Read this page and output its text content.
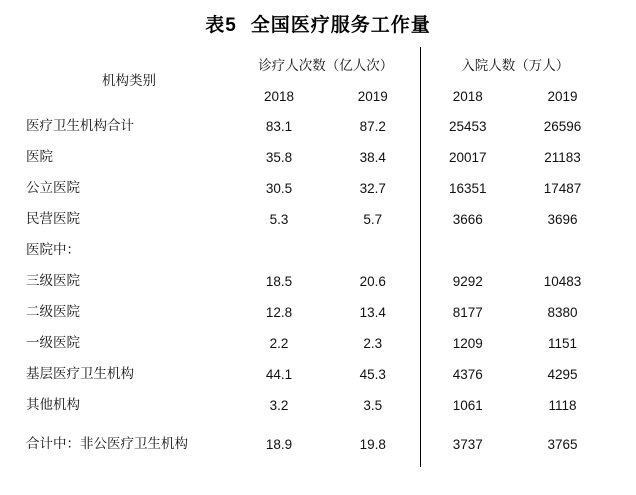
表5 全国医疗服务工作量
机构类别	诊疗人次数（亿人次）		入院人数（万人）	
	2018	2019	2018	2019
医疗卫生机构合计	83.1	87.2	25453	26596
医院	35.8	38.4	20017	21183
公立医院	30.5	32.7	16351	17487
民营医院	5.3	5.7	3666	3696
医院中：				
三级医院	18.5	20.6	9292	10483
二级医院	12.8	13.4	8177	8380
一级医院	2.2	2.3	1209	1151
基层医疗卫生机构	44.1	45.3	4376	4295
其他机构	3.2	3.5	1061	1118
合计中：非公医疗卫生机构	18.9	19.8	3737	3765
